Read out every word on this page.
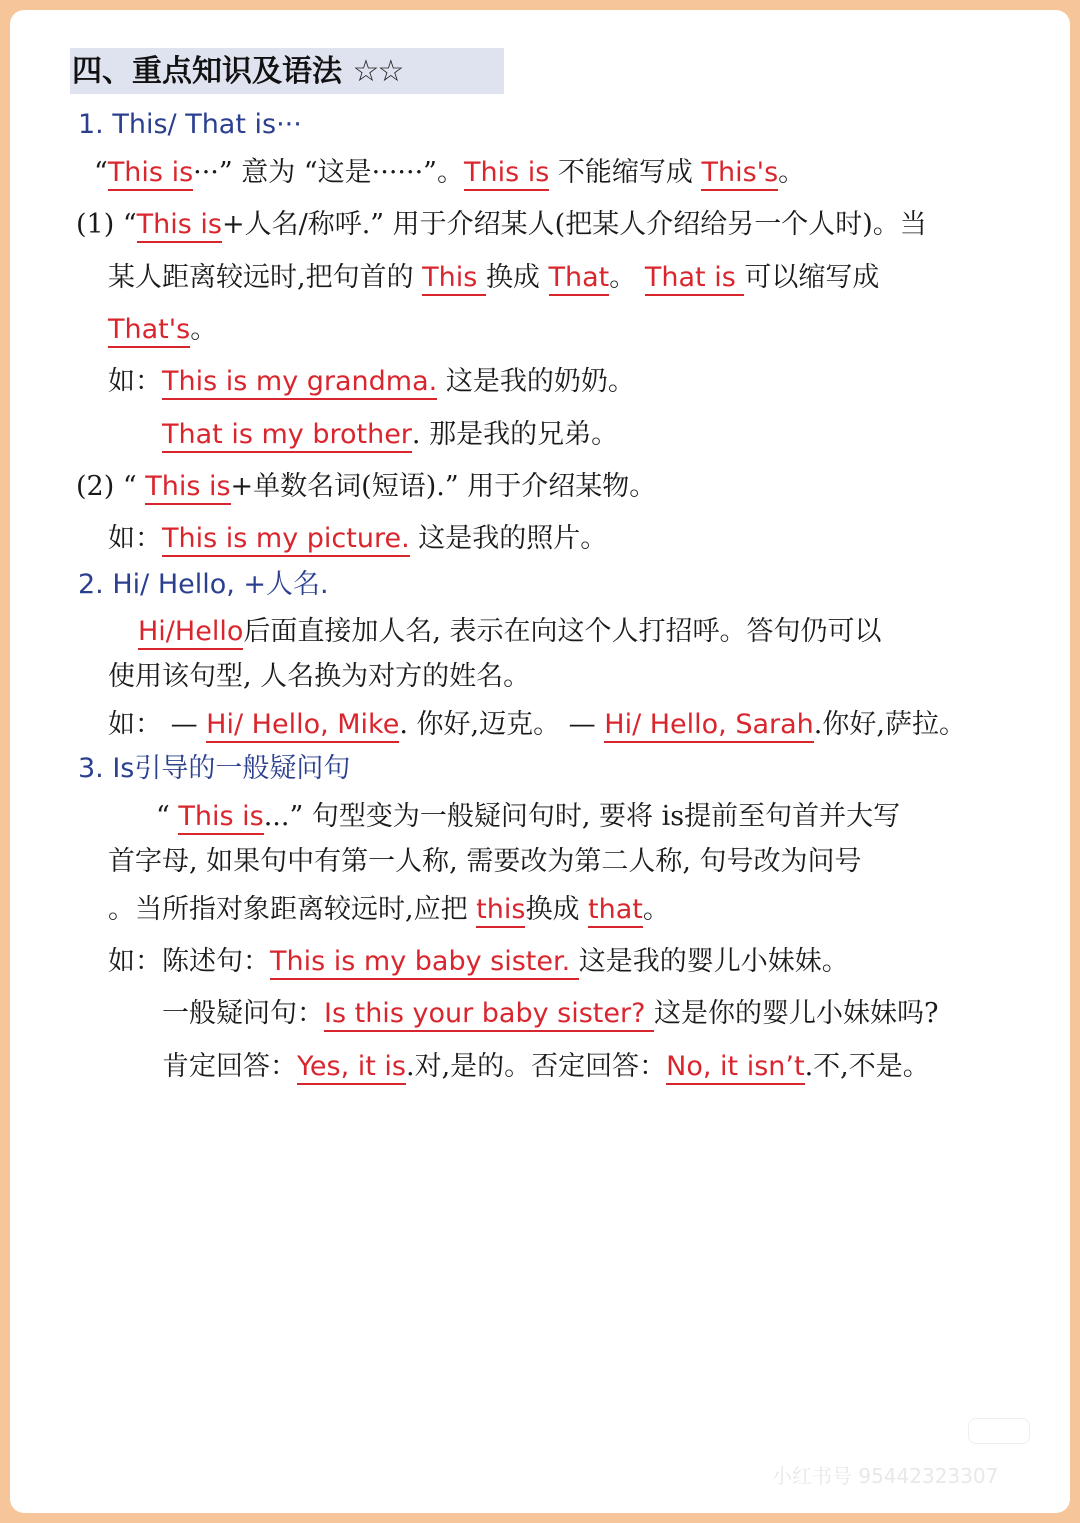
四、重点知识及语法 ☆☆
1. This/ That is···
“This is···” 意为 “这是······”。This is 不能缩写成 This's。
(1) “This is+人名/称呼.” 用于介绍某人(把某人介绍给另一个人时)。当
某人距离较远时,把句首的 This 换成 That。 That is 可以缩写成
That's。
如：This is my grandma. 这是我的奶奶。
That is my brother. 那是我的兄弟。
(2) “ This is+单数名词(短语).” 用于介绍某物。
如：This is my picture. 这是我的照片。
2. Hi/ Hello, +人名.
Hi/Hello后面直接加人名, 表示在向这个人打招呼。答句仍可以
使用该句型, 人名换为对方的姓名。
如： — Hi/ Hello, Mike. 你好,迈克。 — Hi/ Hello, Sarah.你好,萨拉。
3. Is引导的一般疑问句
“ This is...” 句型变为一般疑问句时, 要将 is提前至句首并大写
首字母, 如果句中有第一人称, 需要改为第二人称, 句号改为问号
。当所指对象距离较远时,应把 this换成 that。
如：陈述句：This is my baby sister. 这是我的婴儿小妹妹。
一般疑问句：Is this your baby sister? 这是你的婴儿小妹妹吗?
肯定回答：Yes, it is.对,是的。否定回答：No, it isn’t.不,不是。
小红书号 95442323307
